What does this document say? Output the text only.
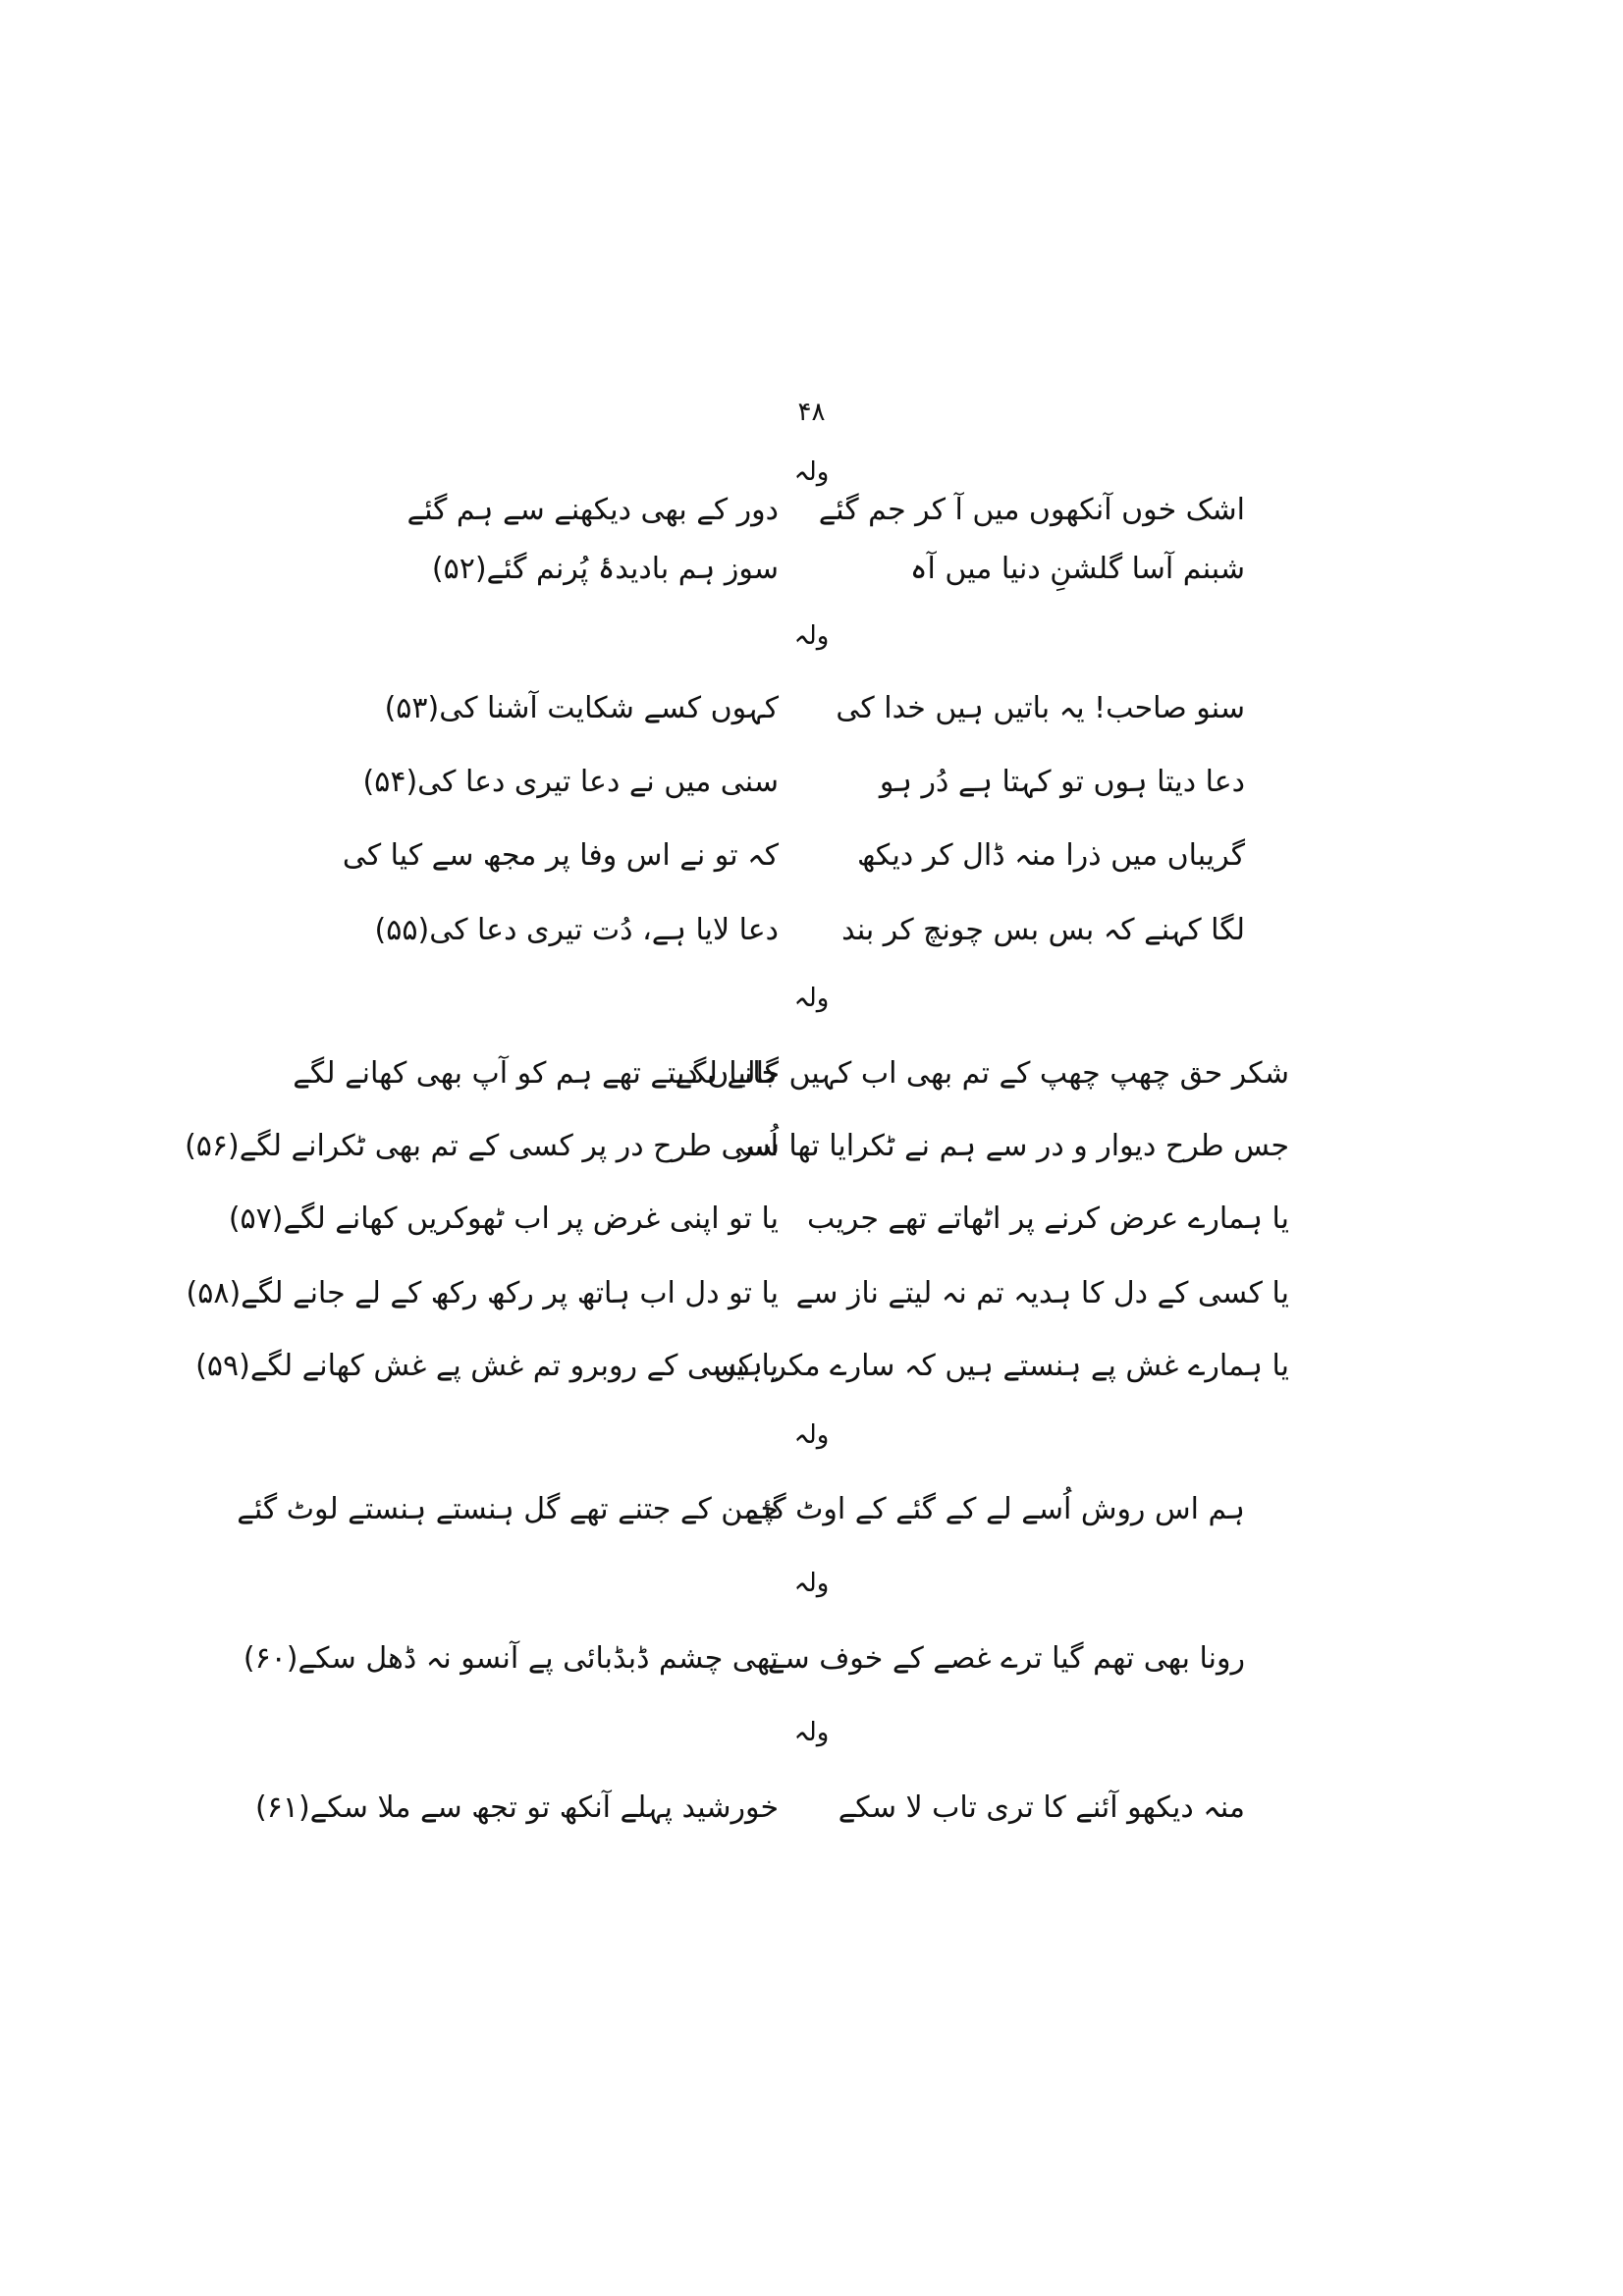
۴۸
ولہ
اشک خوں آنکھوں میں آ کر جم گئے
دور کے بھی دیکھنے سے ہم گئے
شبنم آسا گلشنِ دنیا میں آہ
سوز ہم بادیدۂ پُرنم گئے(۵۲)
ولہ
سنو صاحب! یہ باتیں ہیں خدا کی
کہوں کسے شکایت آشنا کی(۵۳)
دعا دیتا ہوں تو کہتا ہے دُر ہو
سنی میں نے دعا تیری دعا کی(۵۴)
گریباں میں ذرا منہ ڈال کر دیکھ
کہ تو نے اس وفا پر مجھ سے کیا کی
لگا کہنے کہ بس بس چونچ کر بند
دعا لایا ہے، دُت تیری دعا کی(۵۵)
ولہ
شکر حق چھپ چھپ کے تم بھی اب کہیں جانے لگے
گالیاں دیتے تھے ہم کو آپ بھی کھانے لگے
جس طرح دیوار و در سے ہم نے ٹکرایا تھا سر
اُسی طرح در پر کسی کے تم بھی ٹکرانے لگے(۵۶)
یا ہمارے عرض کرنے پر اٹھاتے تھے جریب
یا تو اپنی غرض پر اب ٹھوکریں کھانے لگے(۵۷)
یا کسی کے دل کا ہدیہ تم نہ لیتے ناز سے
یا تو دل اب ہاتھ پر رکھ رکھ کے لے جانے لگے(۵۸)
یا ہمارے غش پے ہنستے ہیں کہ سارے مکر ہیں
یا کسی کے روبرو تم غش پے غش کھانے لگے(۵۹)
ولہ
ہم اس روش اُسے لے کے گئے کے اوٹ گئے
چمن کے جتنے تھے گل ہنستے ہنستے لوٹ گئے
ولہ
رونا بھی تھم گیا ترے غصے کے خوف سے
تھی چشم ڈبڈبائی پے آنسو نہ ڈھل سکے(۶۰)
ولہ
منہ دیکھو آئنے کا تری تاب لا سکے
خورشید پہلے آنکھ تو تجھ سے ملا سکے(۶۱)
